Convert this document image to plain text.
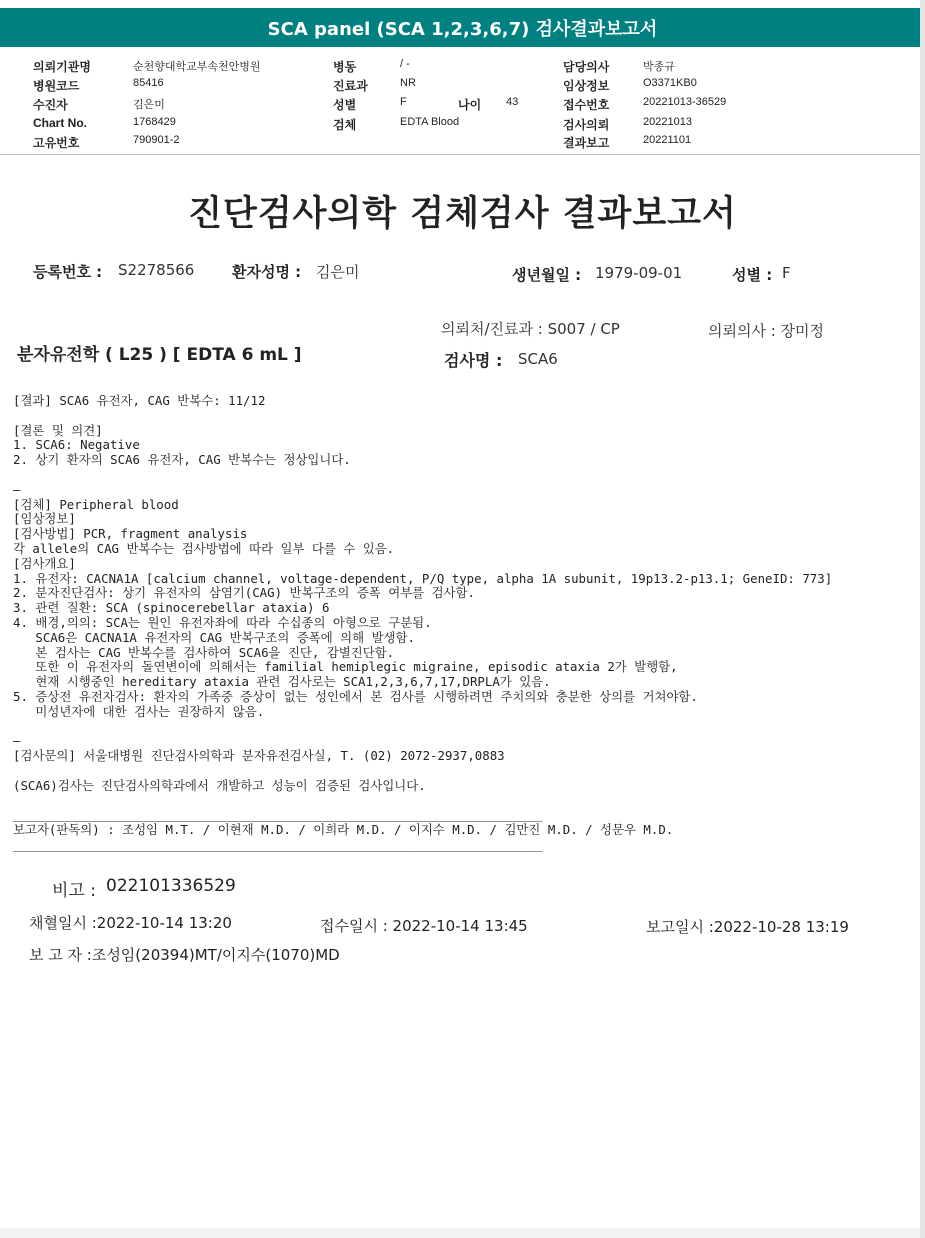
SCA panel (SCA 1,2,3,6,7) 검사결과보고서
의뢰기관명	순천향대학교부속천안병원
병원코드	85416
수진자	김은미
Chart No.	1768429
고유번호	790901-2
병동	/ -
진료과	NR
성별	F	나이 43
검체	EDTA Blood
담당의사	박종규
임상정보	O3371KB0
접수번호	20221013-36529
검사의뢰	20221013
결과보고	20221101
진단검사의학 검체검사 결과보고서
등록번호 : S2278566	환자성명 : 김은미	생년월일 : 1979-09-01	성별 : F
의뢰처/진료과 : S007 / CP	의뢰의사 : 장미정
분자유전학 ( L25 ) [ EDTA 6 mL ]	검사명 : SCA6
[결과] SCA6 유전자, CAG 반복수: 11/12

[결론 및 의견]
1. SCA6: Negative
2. 상기 환자의 SCA6 유전자, CAG 반복수는 정상입니다.

—
[검체] Peripheral blood
[임상정보]
[검사방법] PCR, fragment analysis
각 allele의 CAG 반복수는 검사방법에 따라 일부 다를 수 있음.
[검사개요]
1. 유전자: CACNA1A [calcium channel, voltage-dependent, P/Q type, alpha 1A subunit, 19p13.2-p13.1; GeneID: 773]
2. 분자진단검사: 상기 유전자의 삼염기(CAG) 반복구조의 증폭 여부를 검사함.
3. 관련 질환: SCA (spinocerebellar ataxia) 6
4. 배경,의의: SCA는 원인 유전자좌에 따라 수십종의 아형으로 구분됨.
SCA6은 CACNA1A 유전자의 CAG 반복구조의 증폭에 의해 발생함.
본 검사는 CAG 반복수를 검사하여 SCA6을 진단, 감별진단함.
또한 이 유전자의 돌연변이에 의해서는 familial hemiplegic migraine, episodic ataxia 2가 발행함,
현재 시행중인 hereditary ataxia 관련 검사로는 SCA1,2,3,6,7,17,DRPLA가 있음.
5. 증상전 유전자검사: 환자의 가족중 증상이 없는 성인에서 본 검사를 시행하려면 주치의와 충분한 상의를 거쳐야함.
미성년자에 대한 검사는 권장하지 않음.

—
[검사문의] 서울대병원 진단검사의학과 분자유전검사실, T. (02) 2072-2937,0883

(SCA6)검사는 진단검사의학과에서 개발하고 성능이 검증된 검사입니다.

_______________________________________________________________________
보고자(판독의) : 조성임 M.T. / 이현재 M.D. / 이희라 M.D. / 이지수 M.D. / 김만진 M.D. / 성문우 M.D.
_______________________________________________________________________

비고 : 022101336529
채혈일시 :2022-10-14 13:20	접수일시 : 2022-10-14 13:45	보고일시 :2022-10-28 13:19
보 고 자 :조성임(20394)MT/이지수(1070)MD
